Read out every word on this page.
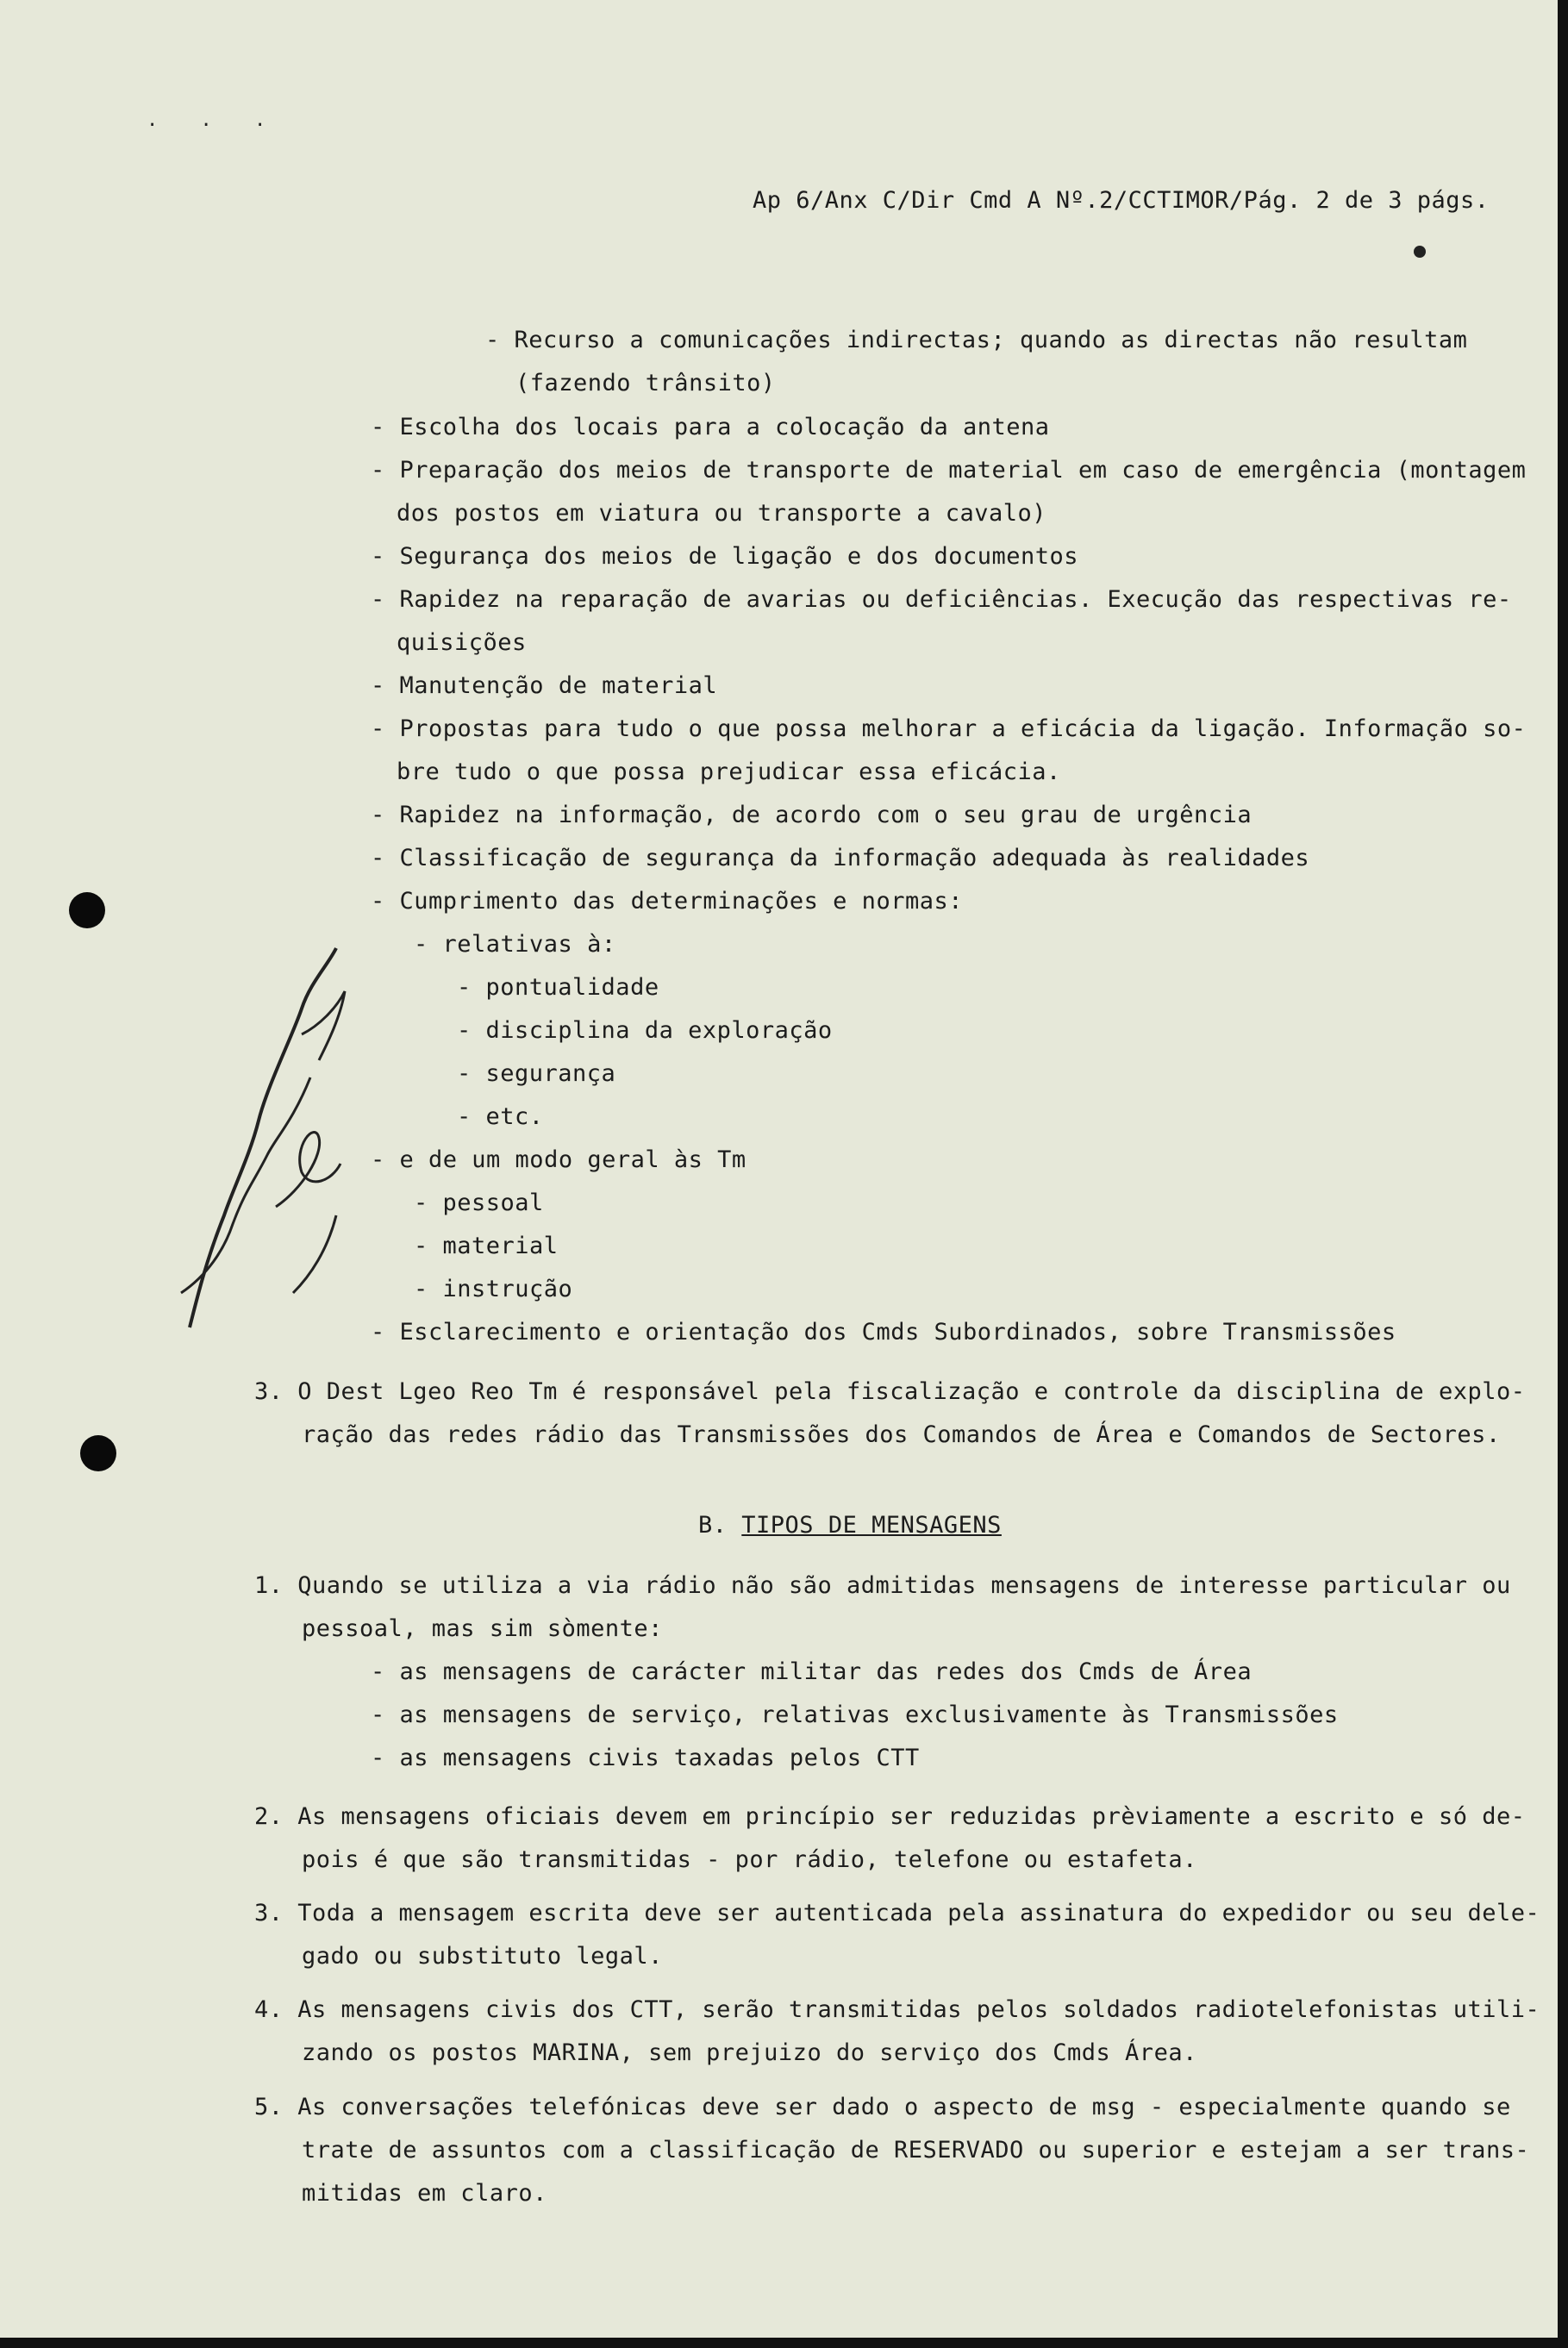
. . .
Ap 6/Anx C/Dir Cmd A Nº.2/CCTIMOR/Pág. 2 de 3 págs.
- Recurso a comunicações indirectas; quando as directas não resultam
(fazendo trânsito)
- Escolha dos locais para a colocação da antena
- Preparação dos meios de transporte de material em caso de emergência (montagem
dos postos em viatura ou transporte a cavalo)
- Segurança dos meios de ligação e dos documentos
- Rapidez na reparação de avarias ou deficiências. Execução das respectivas re-
quisições
- Manutenção de material
- Propostas para tudo o que possa melhorar a eficácia da ligação. Informação so-
bre tudo o que possa prejudicar essa eficácia.
- Rapidez na informação, de acordo com o seu grau de urgência
- Classificação de segurança da informação adequada às realidades
- Cumprimento das determinações e normas:
- relativas à:
- pontualidade
- disciplina da exploração
- segurança
- etc.
- e de um modo geral às Tm
- pessoal
- material
- instrução
- Esclarecimento e orientação dos Cmds Subordinados, sobre Transmissões
3. O Dest Lgeo Reo Tm é responsável pela fiscalização e controle da disciplina de explo-
ração das redes rádio das Transmissões dos Comandos de Área e Comandos de Sectores.
B. TIPOS DE MENSAGENS
1. Quando se utiliza a via rádio não são admitidas mensagens de interesse particular ou
pessoal, mas sim sòmente:
- as mensagens de carácter militar das redes dos Cmds de Área
- as mensagens de serviço, relativas exclusivamente às Transmissões
- as mensagens civis taxadas pelos CTT
2. As mensagens oficiais devem em princípio ser reduzidas prèviamente a escrito e só de-
pois é que são transmitidas - por rádio, telefone ou estafeta.
3. Toda a mensagem escrita deve ser autenticada pela assinatura do expedidor ou seu dele-
gado ou substituto legal.
4. As mensagens civis dos CTT, serão transmitidas pelos soldados radiotelefonistas utili-
zando os postos MARINA, sem prejuizo do serviço dos Cmds Área.
5. As conversações telefónicas deve ser dado o aspecto de msg - especialmente quando se
trate de assuntos com a classificação de RESERVADO ou superior e estejam a ser trans-
mitidas em claro.
